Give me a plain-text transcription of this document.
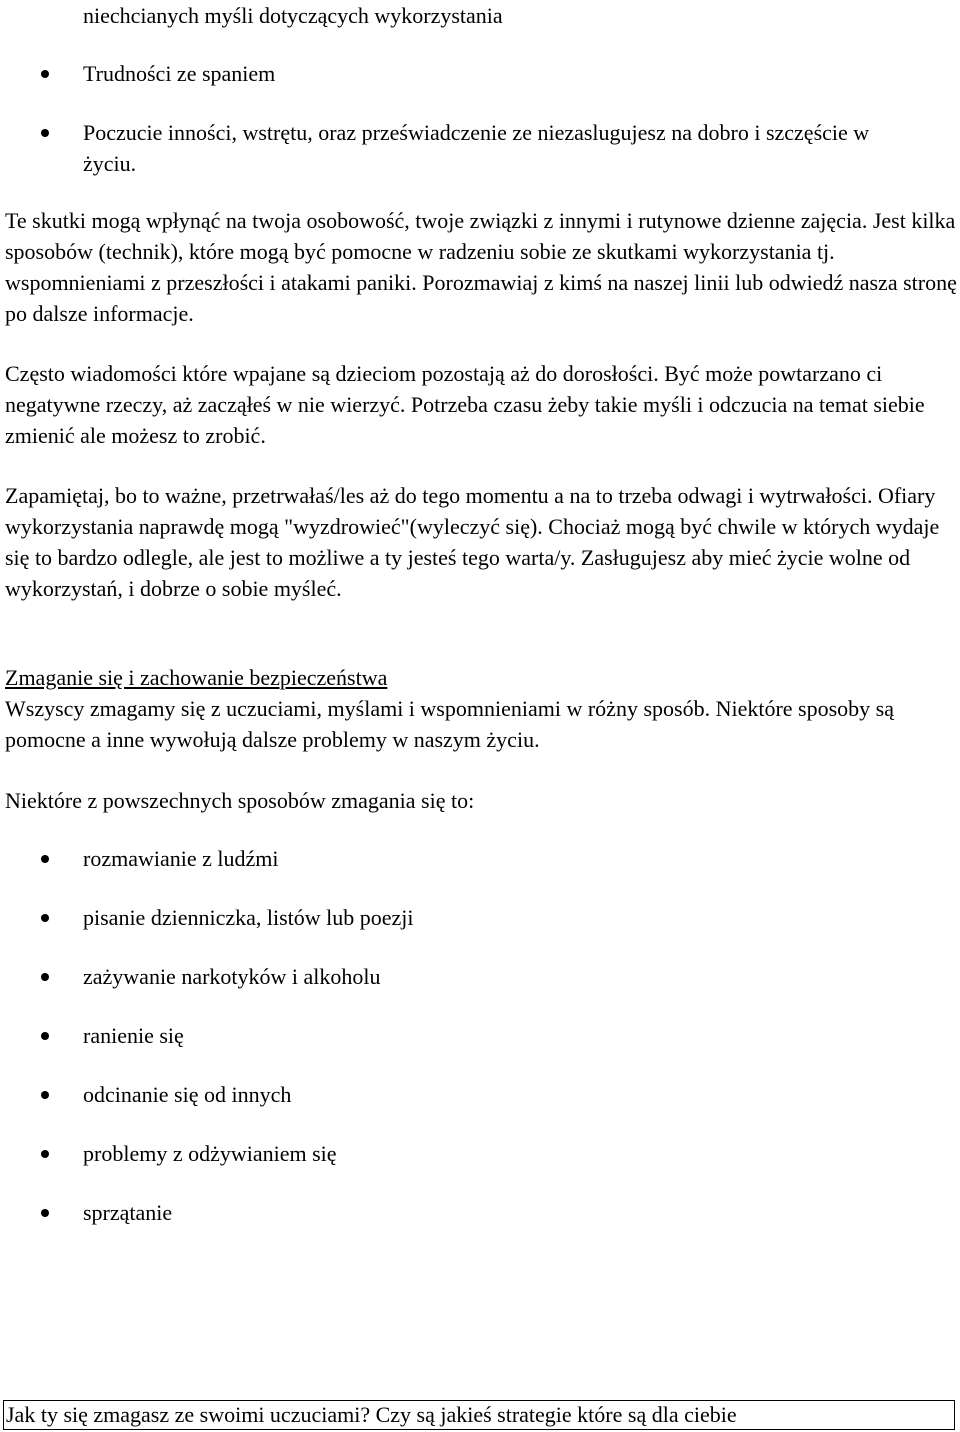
niechcianych myśli dotyczących wykorzystania
Trudności ze spaniem
Poczucie inności, wstrętu, oraz przeświadczenie ze niezaslugujesz na dobro i szczęście w życiu.

Te skutki mogą wpłynąć na twoja osobowość, twoje związki z innymi i rutynowe dzienne zajęcia. Jest kilka sposobów (technik), które mogą być pomocne w radzeniu sobie ze skutkami wykorzystania tj. wspomnieniami z przeszłości i atakami paniki. Porozmawiaj z kimś na naszej linii lub odwiedź nasza stronę po dalsze informacje.

Często wiadomości które wpajane są dzieciom pozostają aż do dorosłości. Być może powtarzano ci negatywne rzeczy, aż zacząłeś w nie wierzyć. Potrzeba czasu żeby takie myśli i odczucia na temat siebie zmienić ale możesz to zrobić.

Zapamiętaj, bo to ważne, przetrwałaś/les aż do tego momentu a na to trzeba odwagi i wytrwałości. Ofiary wykorzystania naprawdę mogą "wyzdrowieć"(wyleczyć się). Chociaż mogą być chwile w których wydaje się to bardzo odlegle, ale jest to możliwe a ty jesteś tego warta/y. Zasługujesz aby mieć życie wolne od wykorzystań, i dobrze o sobie myśleć.

Zmaganie się i zachowanie bezpieczeństwa

Wszyscy zmagamy się z uczuciami, myślami i wspomnieniami w różny sposób. Niektóre sposoby są pomocne a inne wywołują dalsze problemy w naszym życiu.

Niektóre z powszechnych sposobów zmagania się to:

rozmawianie z ludźmi
pisanie dzienniczka, listów lub poezji
zażywanie narkotyków i alkoholu
ranienie się
odcinanie się od innych
problemy z odżywianiem się
sprzątanie
Jak ty się zmagasz ze swoimi uczuciami? Czy są jakieś strategie które są dla ciebie
